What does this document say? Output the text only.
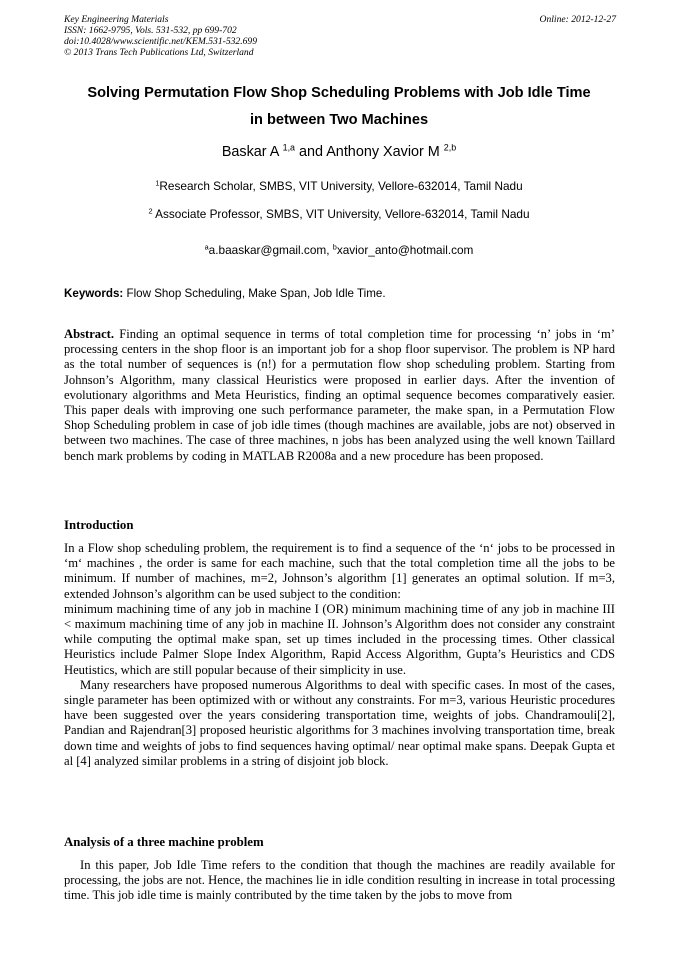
Key Engineering Materials
ISSN: 1662-9795, Vols. 531-532, pp 699-702
doi:10.4028/www.scientific.net/KEM.531-532.699
© 2013 Trans Tech Publications Ltd, Switzerland
Online: 2012-12-27
Solving Permutation Flow Shop Scheduling Problems with Job Idle Time
in between Two Machines
Baskar A $^{1,a}$ and Anthony Xavior M $^{2,b}$
$^1$Research Scholar, SMBS, VIT University, Vellore-632014, Tamil Nadu
$^2$ Associate Professor, SMBS, VIT University, Vellore-632014, Tamil Nadu
$^a$a.baaskar@gmail.com, $^b$xavior_anto@hotmail.com
Keywords: Flow Shop Scheduling, Make Span, Job Idle Time.

Abstract. Finding an optimal sequence in terms of total completion time for processing ‘n’ jobs in ‘m’ processing centers in the shop floor is an important job for a shop floor supervisor. The problem is NP hard as the total number of sequences is (n!) for a permutation flow shop scheduling problem. Starting from Johnson’s Algorithm, many classical Heuristics were proposed in earlier days. After the invention of evolutionary algorithms and Meta Heuristics, finding an optimal sequence becomes comparatively easier. This paper deals with improving one such performance parameter, the make span, in a Permutation Flow Shop Scheduling problem in case of job idle times (though machines are available, jobs are not) observed in between two machines. The case of three machines, n jobs has been analyzed using the well known Taillard bench mark problems by coding in MATLAB R2008a and a new procedure has been proposed.

Introduction

In a Flow shop scheduling problem, the requirement is to find a sequence of the ‘n‘ jobs to be processed in ‘m‘ machines , the order is same for each machine, such that the total completion time all the jobs to be minimum. If number of machines, m=2, Johnson’s algorithm [1] generates an optimal solution. If m=3, extended Johnson’s algorithm can be used subject to the condition:

minimum machining time of any job in machine I (OR) minimum machining time of any job in machine III < maximum machining time of any job in machine II. Johnson’s Algorithm does not consider any constraint while computing the optimal make span, set up times included in the processing times. Other classical Heuristics include Palmer Slope Index Algorithm, Rapid Access Algorithm, Gupta’s Heuristics and CDS Heutistics, which are still popular because of their simplicity in use.

Many researchers have proposed numerous Algorithms to deal with specific cases. In most of the cases, single parameter has been optimized with or without any constraints. For m=3, various Heuristic procedures have been suggested over the years considering transportation time, weights of jobs. Chandramouli[2], Pandian and Rajendran[3] proposed heuristic algorithms for 3 machines involving transportation time, break down time and weights of jobs to find sequences having optimal/ near optimal make spans. Deepak Gupta et al [4] analyzed similar problems in a string of disjoint job block.

Analysis of a three machine problem

In this paper, Job Idle Time refers to the condition that though the machines are readily available for processing, the jobs are not. Hence, the machines lie in idle condition resulting in increase in total processing time. This job idle time is mainly contributed by the time taken by the jobs to move from
